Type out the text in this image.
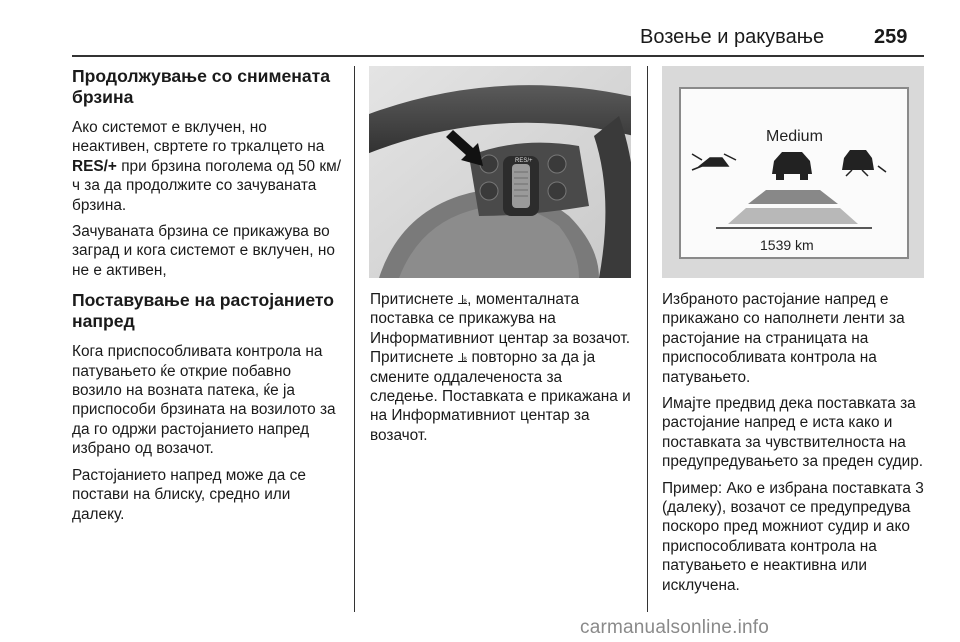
Возење и ракување 259
Продолжување со снимената брзина

Ако системот е вклучен, но неактивен, свртете го тркалцето на RES/+ при брзина поголема од 50 км/ч за да продолжите со зачуваната брзина.

Зачуваната брзина се прикажува во заград и кога системот е вклучен, но не е активен,

Поставување на растојанието напред

Кога приспособливата контрола на патувањето ќе открие побавно возило на возната патека, ќе ја приспособи брзината на возилото за да го одржи растојанието напред избрано од возачот.

Растојанието напред може да се постави на блиску, средно или далеку.

RES/+
Medium
1539 km

Притиснете ⫡, моменталната поставка се прикажува на Информативниот центар за возачот. Притиснете ⫡ повторно за да ја смените оддалеченоста за следење. Поставката е прикажана и на Информативниот центар за возачот.

Избраното растојание напред е прикажано со наполнети ленти за растојание на страницата на приспособливата контрола на патувањето.

Имајте предвид дека поставката за растојание напред е иста како и поставката за чувствителноста на предупредувањето за преден судир.

Пример: Ако е избрана поставката 3 (далеку), возачот се предупредува поскоро пред можниот судир и ако приспособливата контрола на патувањето е неактивна или исклучена.

carmanualsonline.info
